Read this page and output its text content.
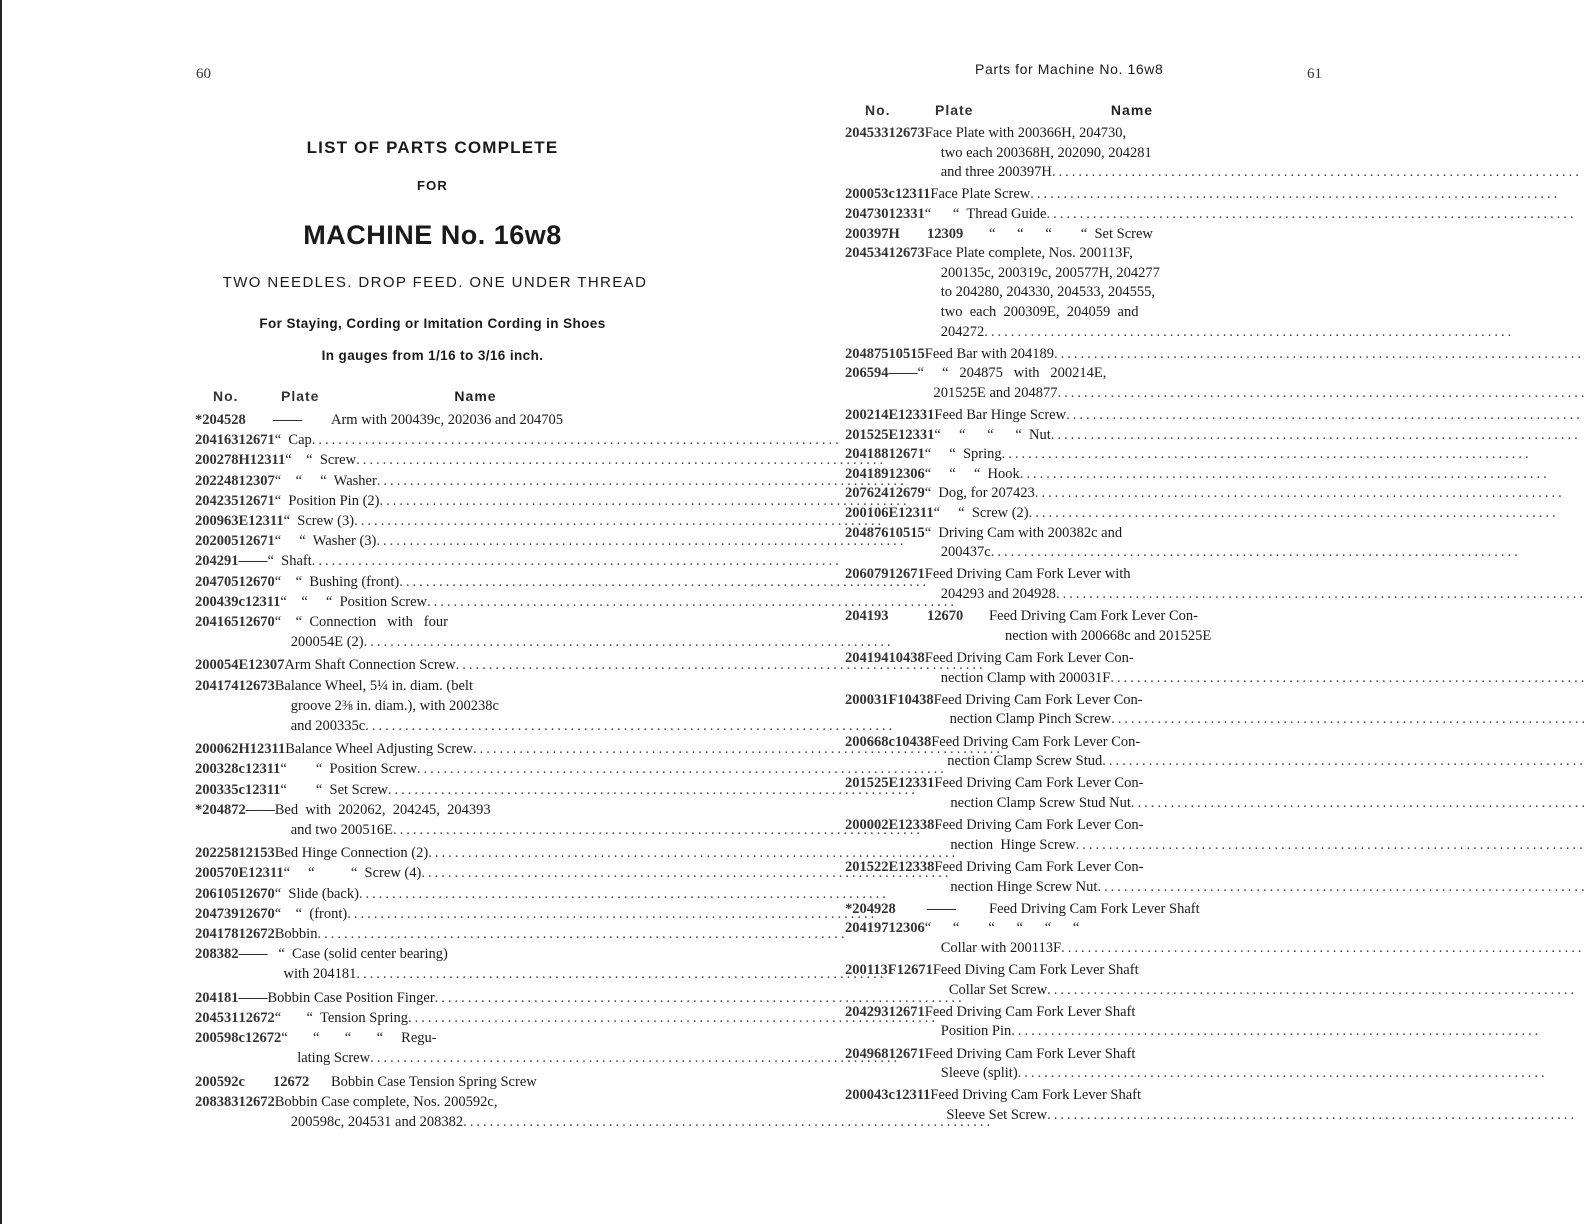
60	61
Parts for Machine No. 16w8
LIST OF PARTS COMPLETE
FOR
MACHINE No. 16w8
TWO NEEDLES. DROP FEED. ONE UNDER THREAD
For Staying, Cording or Imitation Cording in Shoes
In gauges from 1/16 to 3/16 inch.
No.	Plate	Name
*204528	——	Arm with 200439c, 202036 and 204705
204163 12671 “  Cap
.....
200278H 12311 “    “  Screw
.....
202248 12307 “    “     “  Washer
.....
204235 12671 “  Position Pin (2)
.....
200963E 12311 “  Screw (3)
.....
202005 12671 “     “  Washer (3)
.....
204291 —— “  Shaft
.....
204705 12670 “    “  Bushing (front)
.....
200439c 12311 “    “     “  Position Screw
.....
204165 12670 “    “  Connection   with   four
200054E (2)
.....
200054E 12307 Arm Shaft Connection Screw
.....
204174 12673 Balance Wheel, 5¼ in. diam. (belt
groove 2⅜ in. diam.), with 200238c
and 200335c
.....
200062H 12311 Balance Wheel Adjusting Screw
.....
200328c 12311 “        “  Position Screw
.....
200335c 12311 “        “  Set Screw
.....
*204872 —— Bed  with  202062,  204245,  204393
and two 200516E
.....
202258 12153 Bed Hinge Connection (2)
.....
200570E 12311 “     “          “  Screw (4)
.....
206105 12670 “  Slide (back)
.....
204739 12670 “    “  (front)
.....
204178 12672 Bobbin
.....
208382 —— “  Case (solid center bearing)
with 204181
.....
204181 —— Bobbin Case Position Finger
.....
204531 12672 “       “  Tension Spring
.....
200598c 12672 “       “       “       “     Regu-
lating Screw
.....
200592c	12672	Bobbin Case Tension Spring Screw
208383 12672 Bobbin Case complete, Nos. 200592c,
200598c, 204531 and 208382
.....
No.	Plate	Name
204533 12673 Face Plate with 200366H, 204730,
two each 200368H, 202090, 204281
and three 200397H
.....
200053c 12311 Face Plate Screw
.....
204730 12331 “      “  Thread Guide
.....
200397H	12309	“      “      “        “  Set Screw
204534 12673 Face Plate complete, Nos. 200113F,
200135c, 200319c, 200577H, 204277
to 204280, 204330, 204533, 204555,
two  each  200309E,  204059  and
204272
.....
204875 10515 Feed Bar with 204189
.....
206594 —— “     “   204875   with   200214E,
201525E and 204877
.....
200214E 12331 Feed Bar Hinge Screw
.....
201525E 12331 “     “      “      “  Nut
.....
204188 12671 “     “  Spring
.....
204189 12306 “     “     “  Hook
.....
207624 12679 “  Dog, for 207423
.....
200106E 12311 “     “  Screw (2)
.....
204876 10515 “  Driving Cam with 200382c and
200437c
.....
206079 12671 Feed Driving Cam Fork Lever with
204293 and 204928
.....
204193	12670	Feed Driving Cam Fork Lever Con-
nection with 200668c and 201525E
204194 10438 Feed Driving Cam Fork Lever Con-
nection Clamp with 200031F
.....
200031F 10438 Feed Driving Cam Fork Lever Con-
nection Clamp Pinch Screw
.....
200668c 10438 Feed Driving Cam Fork Lever Con-
nection Clamp Screw Stud
.....
201525E 12331 Feed Driving Cam Fork Lever Con-
nection Clamp Screw Stud Nut
.....
200002E 12338 Feed Driving Cam Fork Lever Con-
nection  Hinge Screw
.....
201522E 12338 Feed Driving Cam Fork Lever Con-
nection Hinge Screw Nut
.....
*204928	——	Feed Driving Cam Fork Lever Shaft
204197 12306 “      “        “      “      “      “
Collar with 200113F
.....
200113F 12671 Feed Diving Cam Fork Lever Shaft
Collar Set Screw
.....
204293 12671 Feed Driving Cam Fork Lever Shaft
Position Pin
.....
204968 12671 Feed Driving Cam Fork Lever Shaft
Sleeve (split)
.....
200043c 12311 Feed Driving Cam Fork Lever Shaft
Sleeve Set Screw
.....
